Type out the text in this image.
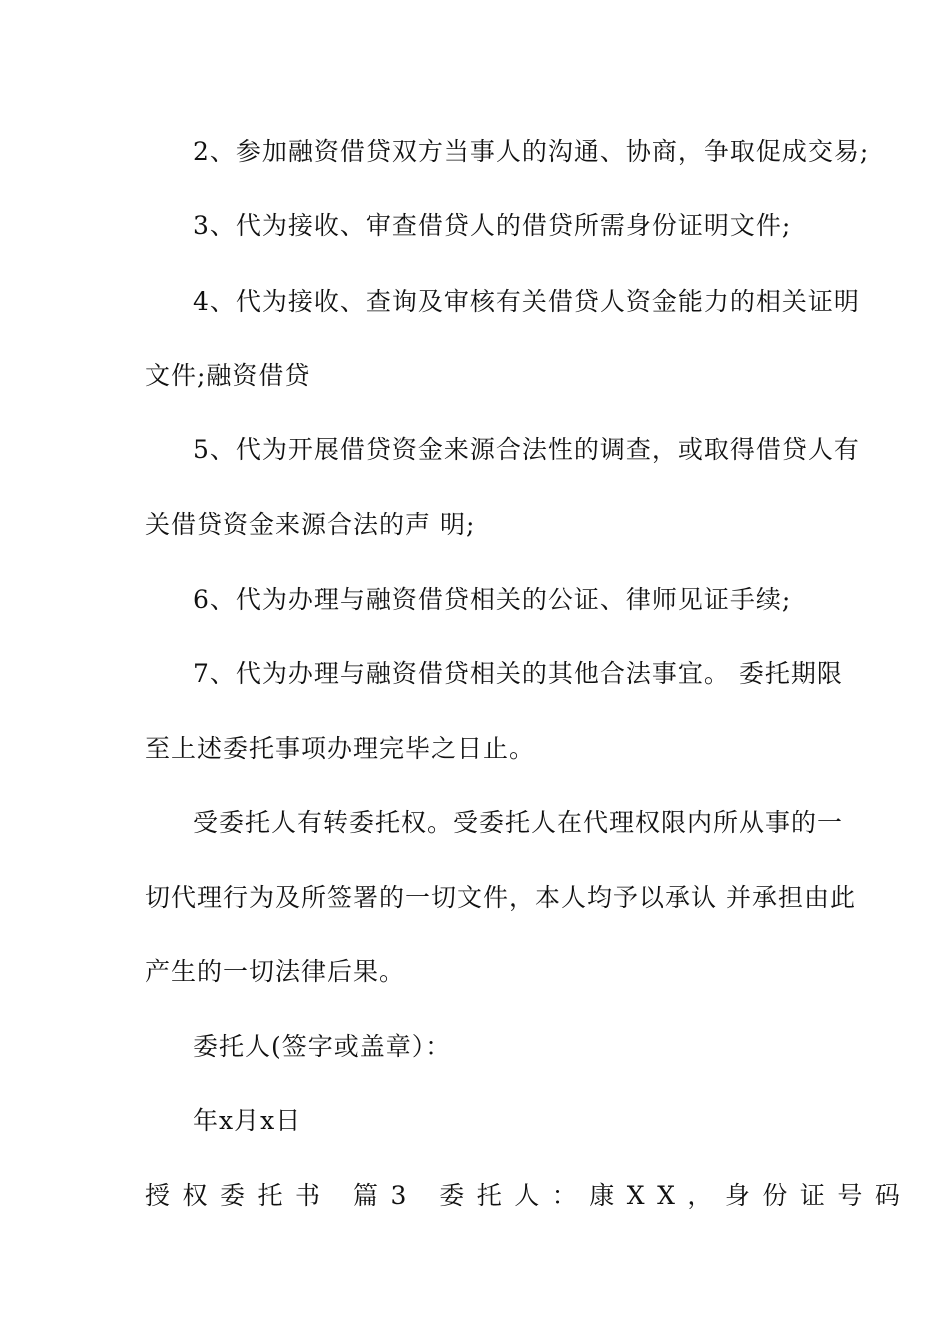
2、参加融资借贷双方当事人的沟通、协商，争取促成交易;
3、代为接收、审查借贷人的借贷所需身份证明文件;
4、代为接收、查询及审核有关借贷人资金能力的相关证明
文件;融资借贷
5、代为开展借贷资金来源合法性的调查，或取得借贷人有
关借贷资金来源合法的声 明;
6、代为办理与融资借贷相关的公证、律师见证手续;
7、代为办理与融资借贷相关的其他合法事宜。 委托期限
至上述委托事项办理完毕之日止。
受委托人有转委托权。受委托人在代理权限内所从事的一
切代理行为及所签署的一切文件，本人均予以承认 并承担由此
产生的一切法律后果。
委托人(签字或盖章）：
年x月x日
授权委托书 篇3 委托人：康XX，身份证号码
